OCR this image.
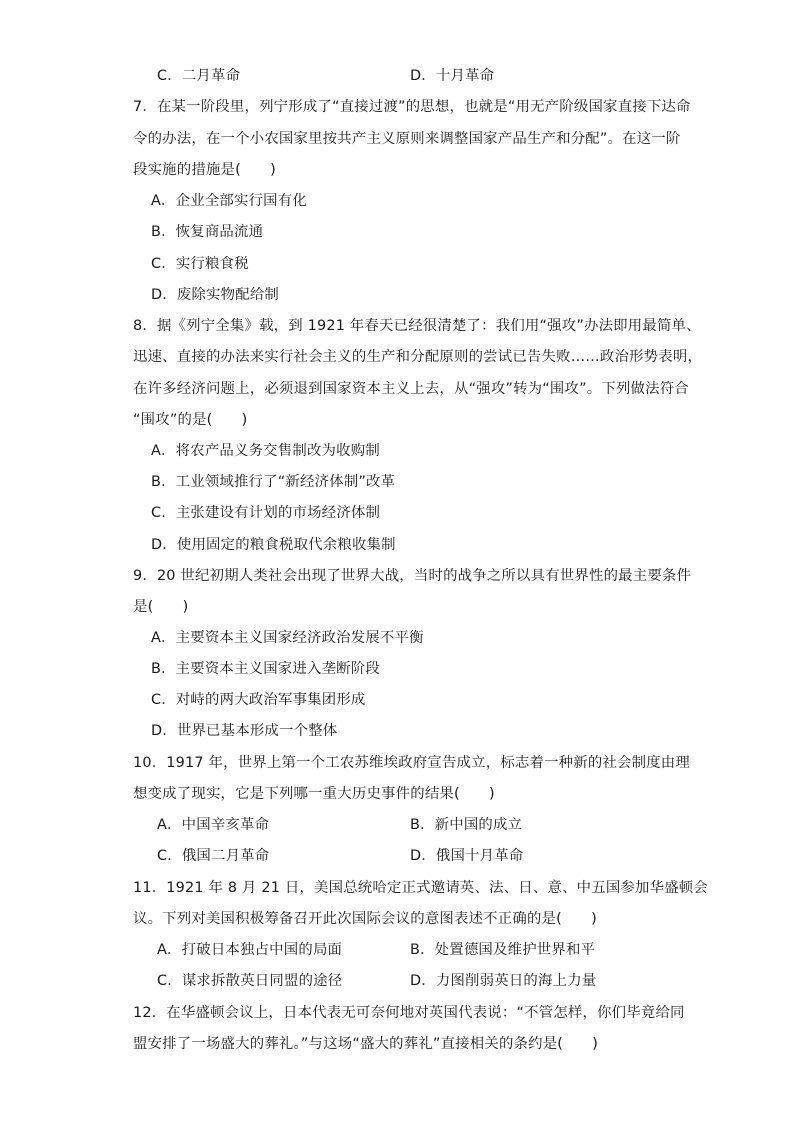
C．二月革命	D．十月革命
7．在某一阶段里，列宁形成了“直接过渡”的思想，也就是“用无产阶级国家直接下达命
令的办法，在一个小农国家里按共产主义原则来调整国家产品生产和分配”。在这一阶
段实施的措施是(　　)
A．企业全部实行国有化
B．恢复商品流通
C．实行粮食税
D．废除实物配给制
8．据《列宁全集》载，到 1921 年春天已经很清楚了：我们用“强攻”办法即用最简单、
迅速、直接的办法来实行社会主义的生产和分配原则的尝试已告失败……政治形势表明，
在许多经济问题上，必须退到国家资本主义上去，从“强攻”转为“围攻”。下列做法符合
“围攻”的是(　　)
A．将农产品义务交售制改为收购制
B．工业领域推行了“新经济体制”改革
C．主张建设有计划的市场经济体制
D．使用固定的粮食税取代余粮收集制
9．20 世纪初期人类社会出现了世界大战，当时的战争之所以具有世界性的最主要条件
是(　　)
A．主要资本主义国家经济政治发展不平衡
B．主要资本主义国家进入垄断阶段
C．对峙的两大政治军事集团形成
D．世界已基本形成一个整体
10．1917 年，世界上第一个工农苏维埃政府宣告成立，标志着一种新的社会制度由理
想变成了现实，它是下列哪一重大历史事件的结果(　　)
A．中国辛亥革命	B．新中国的成立
C．俄国二月革命	D．俄国十月革命
11．1921 年 8 月 21 日，美国总统哈定正式邀请英、法、日、意、中五国参加华盛顿会
议。下列对美国积极筹备召开此次国际会议的意图表述不正确的是(　　)
A．打破日本独占中国的局面	B．处置德国及维护世界和平
C．谋求拆散英日同盟的途径	D．力图削弱英日的海上力量
12．在华盛顿会议上，日本代表无可奈何地对英国代表说：“不管怎样，你们毕竟给同
盟安排了一场盛大的葬礼。”与这场“盛大的葬礼”直接相关的条约是(　　)
